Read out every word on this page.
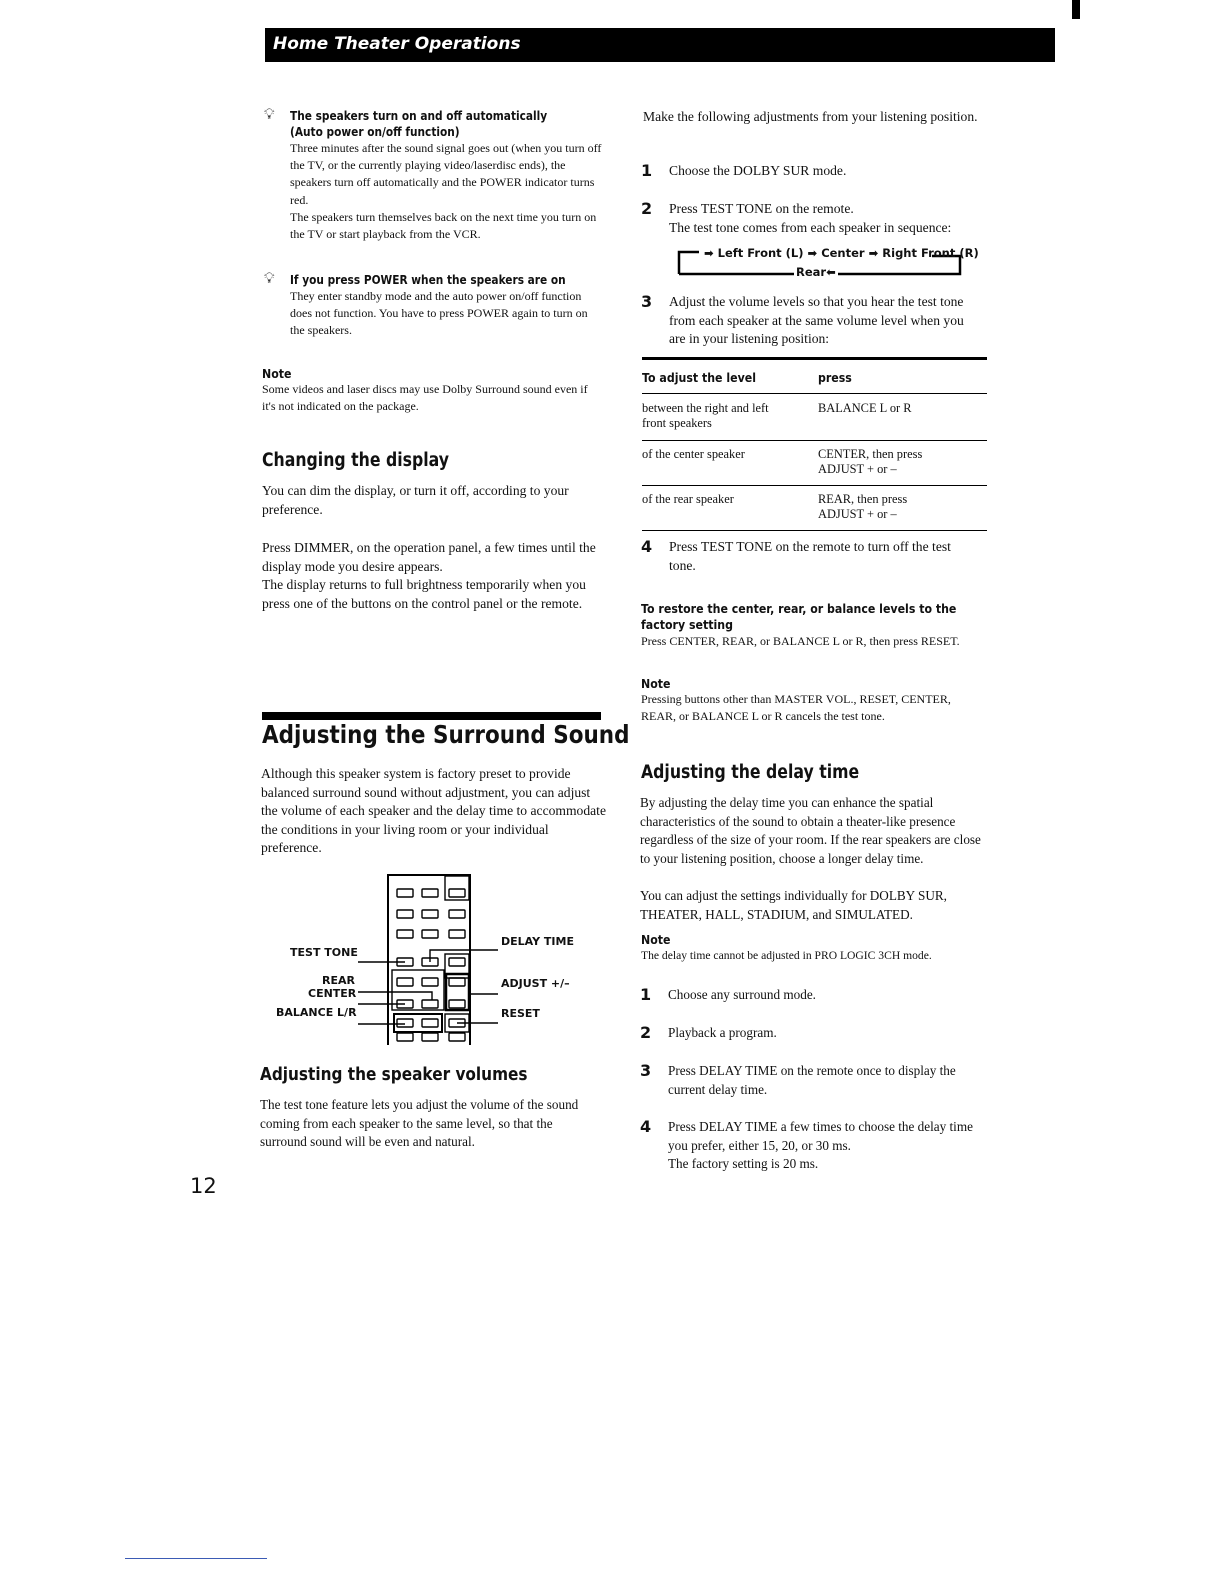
Home Theater Operations
💡︎ The speakers turn on and off automatically
(Auto power on/off function)
Three minutes after the sound signal goes out (when you turn off the TV, or the currently playing video/laserdisc ends), the speakers turn off automatically and the POWER indicator turns red.
The speakers turn themselves back on the next time you turn on the TV or start playback from the VCR.
💡︎ If you press POWER when the speakers are on
They enter standby mode and the auto power on/off function does not function. You have to press POWER again to turn on the speakers.
Note
Some videos and laser discs may use Dolby Surround sound even if it's not indicated on the package.
Changing the display
You can dim the display, or turn it off, according to your preference.
Press DIMMER, on the operation panel, a few times until the display mode you desire appears.
The display returns to full brightness temporarily when you press one of the buttons on the control panel or the remote.
Adjusting the Surround Sound
Although this speaker system is factory preset to provide balanced surround sound without adjustment, you can adjust the volume of each speaker and the delay time to accommodate the conditions in your living room or your individual preference.
TEST TONE
REAR
CENTER
BALANCE L/R
DELAY TIME
ADJUST +/–
RESET
Adjusting the speaker volumes
The test tone feature lets you adjust the volume of the sound coming from each speaker to the same level, so that the surround sound will be even and natural.
12
Make the following adjustments from your listening position.
1 Choose the DOLBY SUR mode.
2 Press TEST TONE on the remote.
The test tone comes from each speaker in sequence:
➡ Left Front (L) ➡ Center ➡ Right Front (R)
Rear⬅
3 Adjust the volume levels so that you hear the test tone from each speaker at the same volume level when you are in your listening position:
To adjust the level	press

between the right and left front speakers	BALANCE L or R

of the center speaker	CENTER, then press ADJUST + or –

of the rear speaker	REAR, then press ADJUST + or –
4 Press TEST TONE on the remote to turn off the test tone.
To restore the center, rear, or balance levels to the factory setting
Press CENTER, REAR, or BALANCE L or R, then press RESET.
Note
Pressing buttons other than MASTER VOL., RESET, CENTER, REAR, or BALANCE L or R cancels the test tone.
Adjusting the delay time
By adjusting the delay time you can enhance the spatial characteristics of the sound to obtain a theater-like presence regardless of the size of your room. If the rear speakers are close to your listening position, choose a longer delay time.
You can adjust the settings individually for DOLBY SUR, THEATER, HALL, STADIUM, and SIMULATED.
Note
The delay time cannot be adjusted in PRO LOGIC 3CH mode.
1 Choose any surround mode.
2 Playback a program.
3 Press DELAY TIME on the remote once to display the current delay time.
4 Press DELAY TIME a few times to choose the delay time you prefer, either 15, 20, or 30 ms.
The factory setting is 20 ms.
